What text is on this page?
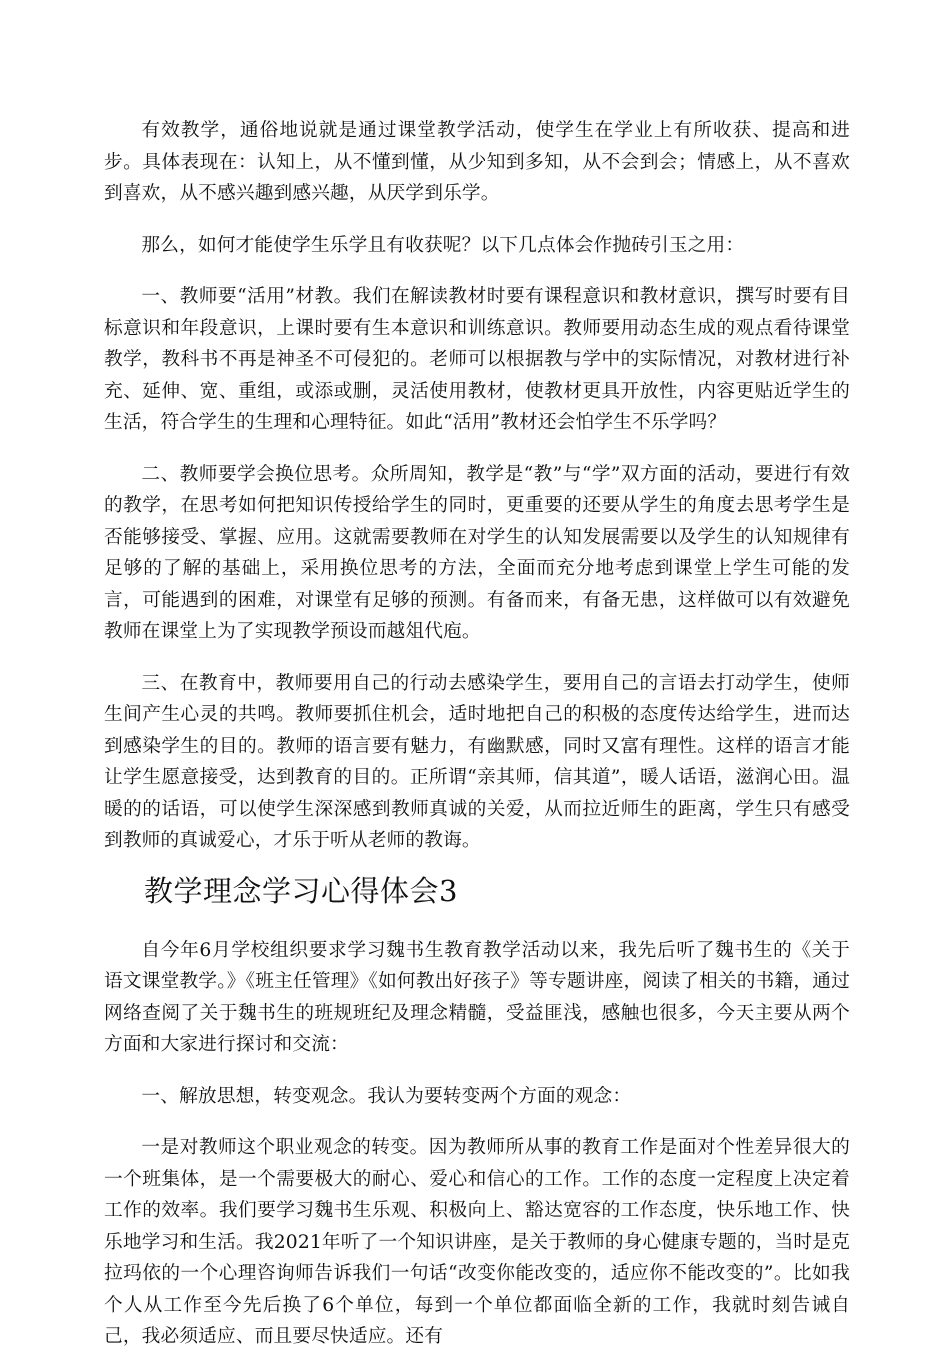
有效教学，通俗地说就是通过课堂教学活动，使学生在学业上有所收获、提高和进步。具体表现在：认知上，从不懂到懂，从少知到多知，从不会到会；情感上，从不喜欢到喜欢，从不感兴趣到感兴趣，从厌学到乐学。

那么，如何才能使学生乐学且有收获呢？以下几点体会作抛砖引玉之用：

一、教师要“活用”材教。我们在解读教材时要有课程意识和教材意识，撰写时要有目标意识和年段意识，上课时要有生本意识和训练意识。教师要用动态生成的观点看待课堂教学，教科书不再是神圣不可侵犯的。老师可以根据教与学中的实际情况，对教材进行补充、延伸、宽、重组，或添或删，灵活使用教材，使教材更具开放性，内容更贴近学生的生活，符合学生的生理和心理特征。如此“活用”教材还会怕学生不乐学吗？

二、教师要学会换位思考。众所周知，教学是“教”与“学”双方面的活动，要进行有效的教学，在思考如何把知识传授给学生的同时，更重要的还要从学生的角度去思考学生是否能够接受、掌握、应用。这就需要教师在对学生的认知发展需要以及学生的认知规律有足够的了解的基础上，采用换位思考的方法，全面而充分地考虑到课堂上学生可能的发言，可能遇到的困难，对课堂有足够的预测。有备而来，有备无患，这样做可以有效避免教师在课堂上为了实现教学预设而越俎代庖。

三、在教育中，教师要用自己的行动去感染学生，要用自己的言语去打动学生，使师生间产生心灵的共鸣。教师要抓住机会，适时地把自己的积极的态度传达给学生，进而达到感染学生的目的。教师的语言要有魅力，有幽默感，同时又富有理性。这样的语言才能让学生愿意接受，达到教育的目的。正所谓“亲其师，信其道”，暖人话语，滋润心田。温暖的的话语，可以使学生深深感到教师真诚的关爱，从而拉近师生的距离，学生只有感受到教师的真诚爱心，才乐于听从老师的教诲。

教学理念学习心得体会3

自今年6月学校组织要求学习魏书生教育教学活动以来，我先后听了魏书生的《关于语文课堂教学。》《班主任管理》《如何教出好孩子》等专题讲座，阅读了相关的书籍，通过网络查阅了关于魏书生的班规班纪及理念精髓，受益匪浅，感触也很多，今天主要从两个方面和大家进行探讨和交流：

一、解放思想，转变观念。我认为要转变两个方面的观念：

一是对教师这个职业观念的转变。因为教师所从事的教育工作是面对个性差异很大的一个班集体，是一个需要极大的耐心、爱心和信心的工作。工作的态度一定程度上决定着工作的效率。我们要学习魏书生乐观、积极向上、豁达宽容的工作态度，快乐地工作、快乐地学习和生活。我2021年听了一个知识讲座，是关于教师的身心健康专题的，当时是克拉玛依的一个心理咨询师告诉我们一句话“改变你能改变的，适应你不能改变的”。比如我个人从工作至今先后换了6个单位，每到一个单位都面临全新的工作，我就时刻告诫自己，我必须适应、而且要尽快适应。还有
